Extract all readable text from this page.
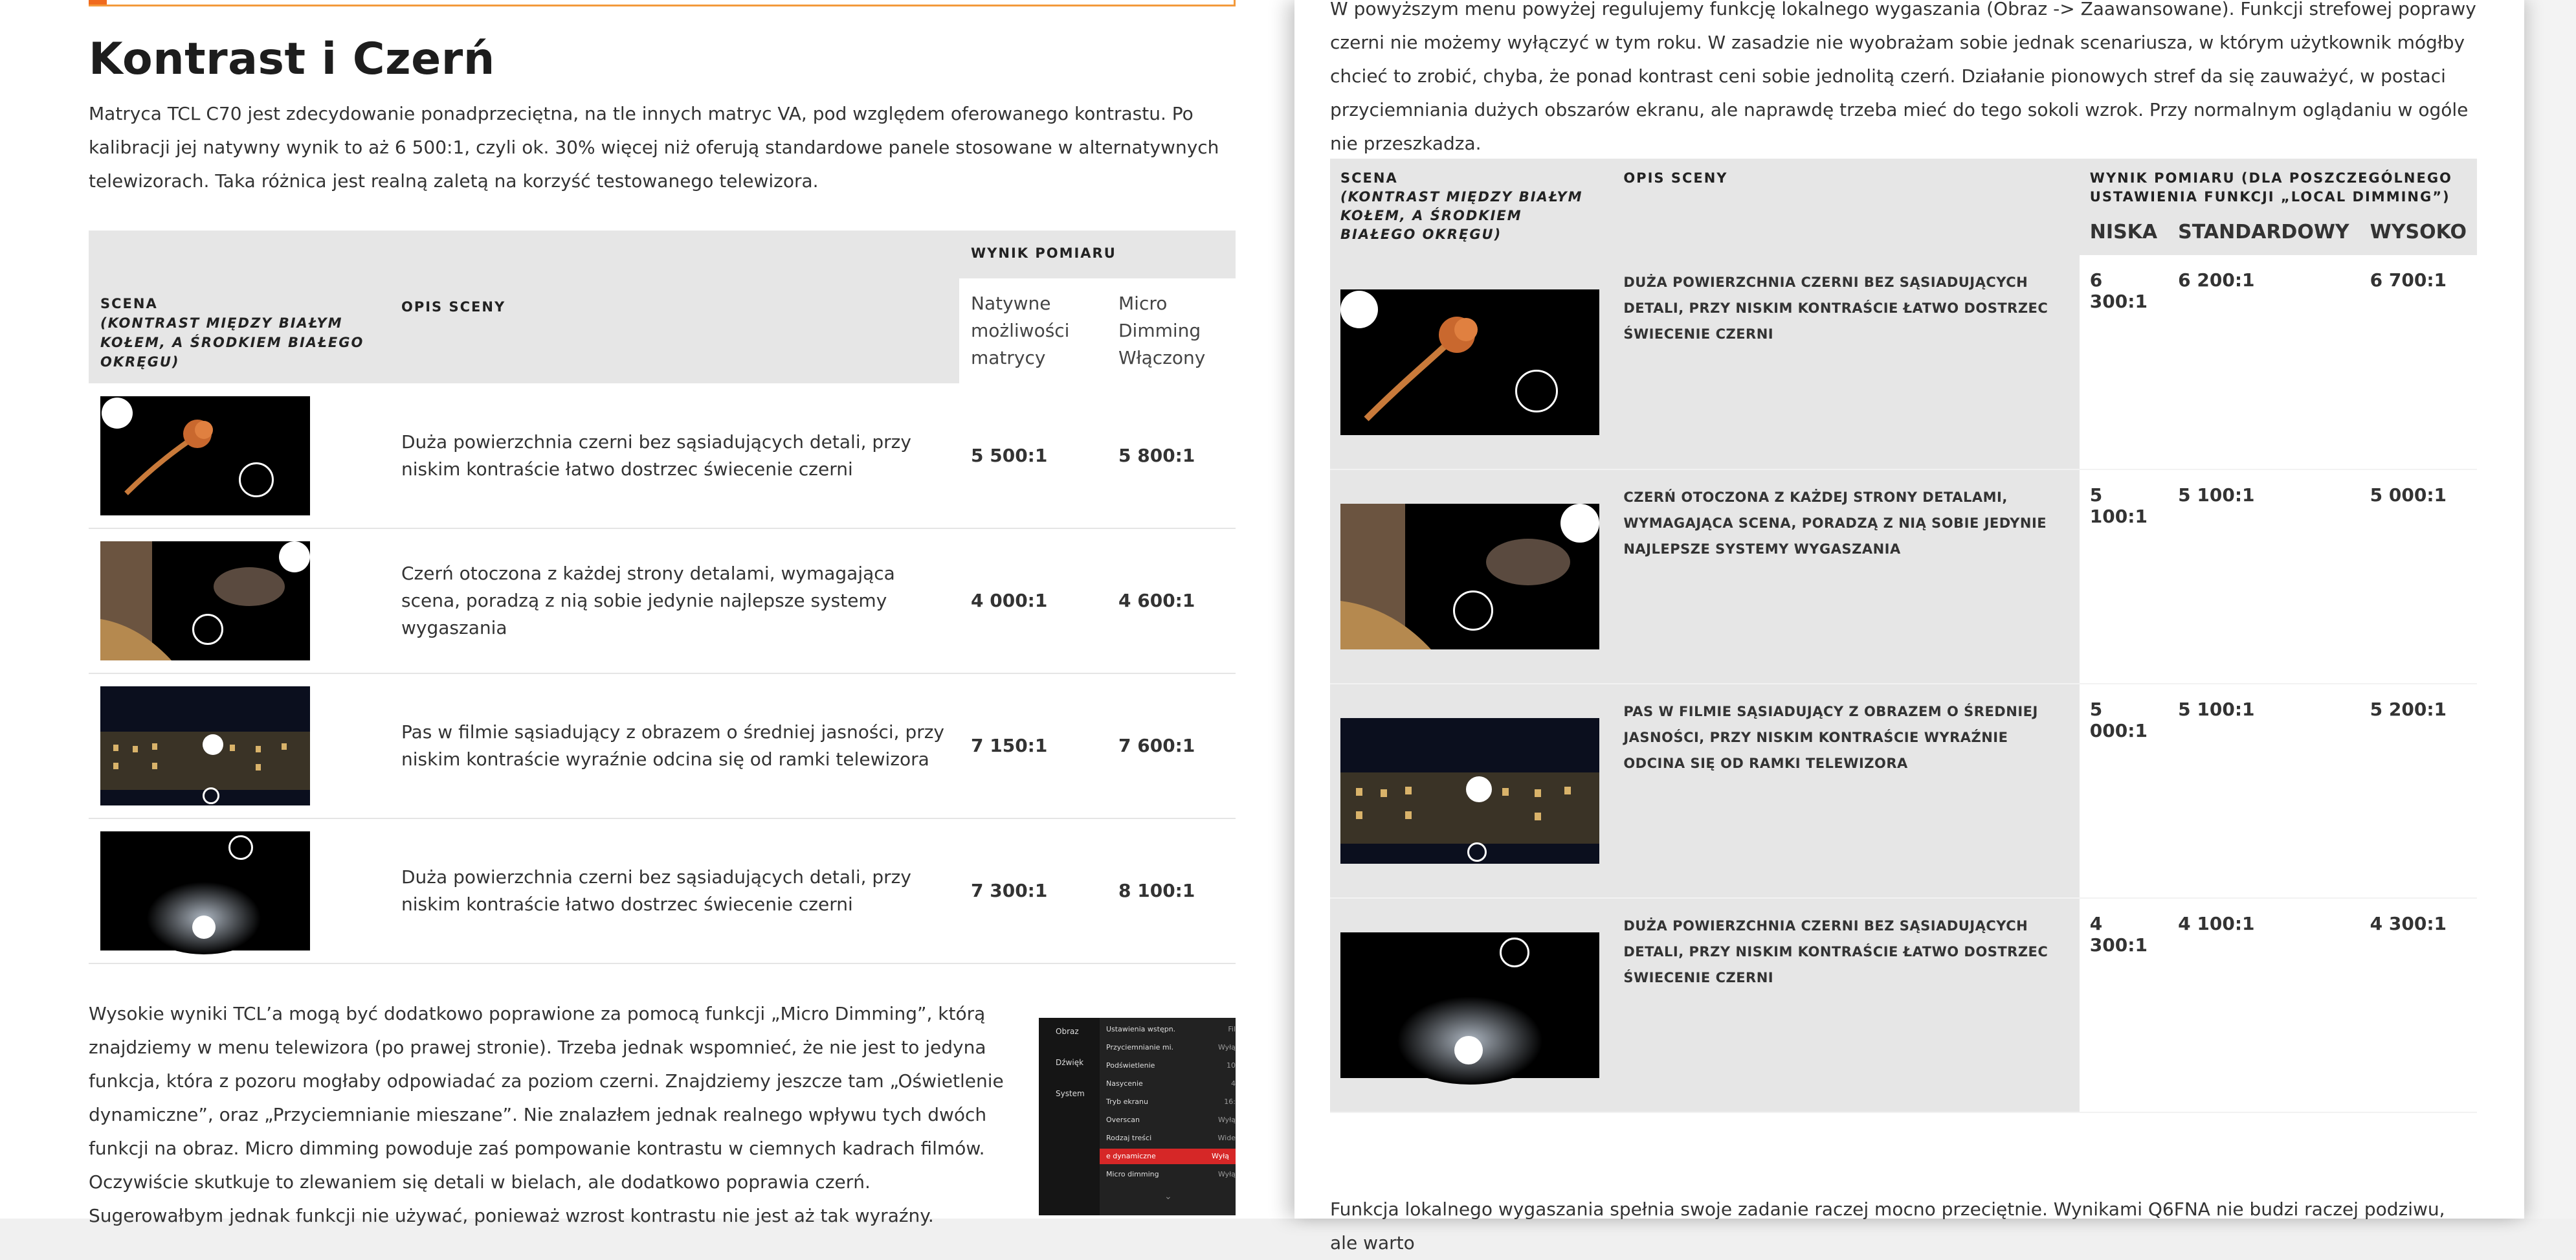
Kontrast i Czerń

Matryca TCL C70 jest zdecydowanie ponadprzeciętna, na tle innych matryc VA, pod względem oferowanego kontrastu. Po kalibracji jej natywny wynik to aż 6 500:1, czyli ok. 30% więcej niż oferują standardowe panele stosowane w alternatywnych telewizorach. Taka różnica jest realną zaletą na korzyść testowanego telewizora.

SCENA
(KONTRAST MIĘDZY BIAŁYM KOŁEM, A ŚRODKIEM BIAŁEGO OKRĘGU)	OPIS SCENY	WYNIK POMIARU	
		Natywne możliwości matrycy	Micro Dimming Włączony

	Duża powierzchnia czerni bez sąsiadujących detali, przy niskim kontraście łatwo dostrzec świecenie czerni	5 500:1	5 800:1

	Czerń otoczona z każdej strony detalami, wymagająca scena, poradzą z nią sobie jedynie najlepsze systemy wygaszania	4 000:1	4 600:1

	Pas w filmie sąsiadujący z obrazem o średniej jasności, przy niskim kontraście wyraźnie odcina się od ramki telewizora	7 150:1	7 600:1

	Duża powierzchnia czerni bez sąsiadujących detali, przy niskim kontraście łatwo dostrzec świecenie czerni	7 300:1	8 100:1

Wysokie wyniki TCL’a mogą być dodatkowo poprawione za pomocą funkcji „Micro Dimming”, którą znajdziemy w menu telewizora (po prawej stronie). Trzeba jednak wspomnieć, że nie jest to jedyna funkcja, która z pozoru mogłaby odpowiadać za poziom czerni. Znajdziemy jeszcze tam „Oświetlenie dynamiczne”, oraz „Przyciemnianie mieszane”. Nie znalazłem jednak realnego wpływu tych dwóch funkcji na obraz. Micro dimming powoduje zaś pompowanie kontrastu w ciemnych kadrach filmów. Oczywiście skutkuje to zlewaniem się detali w bielach, ale dodatkowo poprawia czerń. Sugerowałbym jednak funkcji nie używać, ponieważ wzrost kontrastu nie jest aż tak wyraźny.

Obraz
Dźwięk
System
Ustawienia wstępn.	Fil
Przyciemnianie mi.	Wyłą
Podświetlenie	10
Nasycenie	4
Tryb ekranu	16:
Overscan	Wyłą
Rodzaj treści	Wide
e dynamiczne	Wyłą
Micro dimming	Wyłą
⌄

W powyższym menu powyżej regulujemy funkcję lokalnego wygaszania (Obraz -> Zaawansowane). Funkcji strefowej poprawy czerni nie możemy wyłączyć w tym roku. W zasadzie nie wyobrażam sobie jednak scenariusza, w którym użytkownik mógłby chcieć to zrobić, chyba, że ponad kontrast ceni sobie jednolitą czerń. Działanie pionowych stref da się zauważyć, w postaci przyciemniania dużych obszarów ekranu, ale naprawdę trzeba mieć do tego sokoli wzrok. Przy normalnym oglądaniu w ogóle nie przeszkadza.

SCENA
(KONTRAST MIĘDZY BIAŁYM KOŁEM, A ŚRODKIEM BIAŁEGO OKRĘGU)	OPIS SCENY	WYNIK POMIARU (DLA POSZCZEGÓLNEGO USTAWIENIA FUNKCJI „LOCAL DIMMING”)		
		NISKA	STANDARDOWY	WYSOKO

	DUŻA POWIERZCHNIA CZERNI BEZ SĄSIADUJĄCYCH DETALI, PRZY NISKIM KONTRAŚCIE ŁATWO DOSTRZEC ŚWIECENIE CZERNI	6 300:1	6 200:1	6 700:1

	CZERŃ OTOCZONA Z KAŻDEJ STRONY DETALAMI, WYMAGAJĄCA SCENA, PORADZĄ Z NIĄ SOBIE JEDYNIE NAJLEPSZE SYSTEMY WYGASZANIA	5 100:1	5 100:1	5 000:1

	PAS W FILMIE SĄSIADUJĄCY Z OBRAZEM O ŚREDNIEJ JASNOŚCI, PRZY NISKIM KONTRAŚCIE WYRAŹNIE ODCINA SIĘ OD RAMKI TELEWIZORA	5 000:1	5 100:1	5 200:1

	DUŻA POWIERZCHNIA CZERNI BEZ SĄSIADUJĄCYCH DETALI, PRZY NISKIM KONTRAŚCIE ŁATWO DOSTRZEC ŚWIECENIE CZERNI	4 300:1	4 100:1	4 300:1

Funkcja lokalnego wygaszania spełnia swoje zadanie raczej mocno przeciętnie. Wynikami Q6FNA nie budzi raczej podziwu, ale warto
